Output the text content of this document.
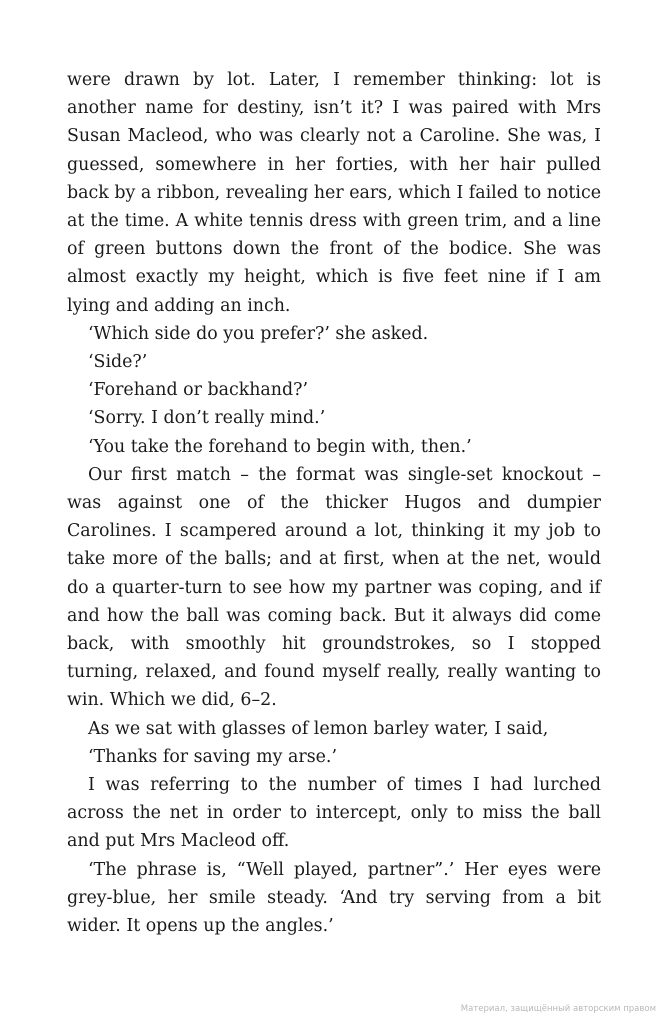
were drawn by lot. Later, I remember thinking: lot is another name for destiny, isn’t it? I was paired with Mrs Susan Macleod, who was clearly not a Caroline. She was, I guessed, somewhere in her forties, with her hair pulled back by a ribbon, revealing her ears, which I failed to notice at the time. A white tennis dress with green trim, and a line of green buttons down the front of the bodice. She was almost exactly my height, which is five feet nine if I am lying and adding an inch.

‘Which side do you prefer?’ she asked.

‘Side?’

‘Forehand or backhand?’

‘Sorry. I don’t really mind.’

‘You take the forehand to begin with, then.’

Our first match – the format was single-set knockout – was against one of the thicker Hugos and dumpier Carolines. I scampered around a lot, thinking it my job to take more of the balls; and at first, when at the net, would do a quarter-turn to see how my partner was coping, and if and how the ball was coming back. But it always did come back, with smoothly hit groundstrokes, so I stopped turning, relaxed, and found myself really, really wanting to win. Which we did, 6–2.

As we sat with glasses of lemon barley water, I said,

‘Thanks for saving my arse.’

I was referring to the number of times I had lurched across the net in order to intercept, only to miss the ball and put Mrs Macleod off.

‘The phrase is, “Well played, partner”.’ Her eyes were grey-blue, her smile steady. ‘And try serving from a bit wider. It opens up the angles.’

Материал, защищённый авторским правом
